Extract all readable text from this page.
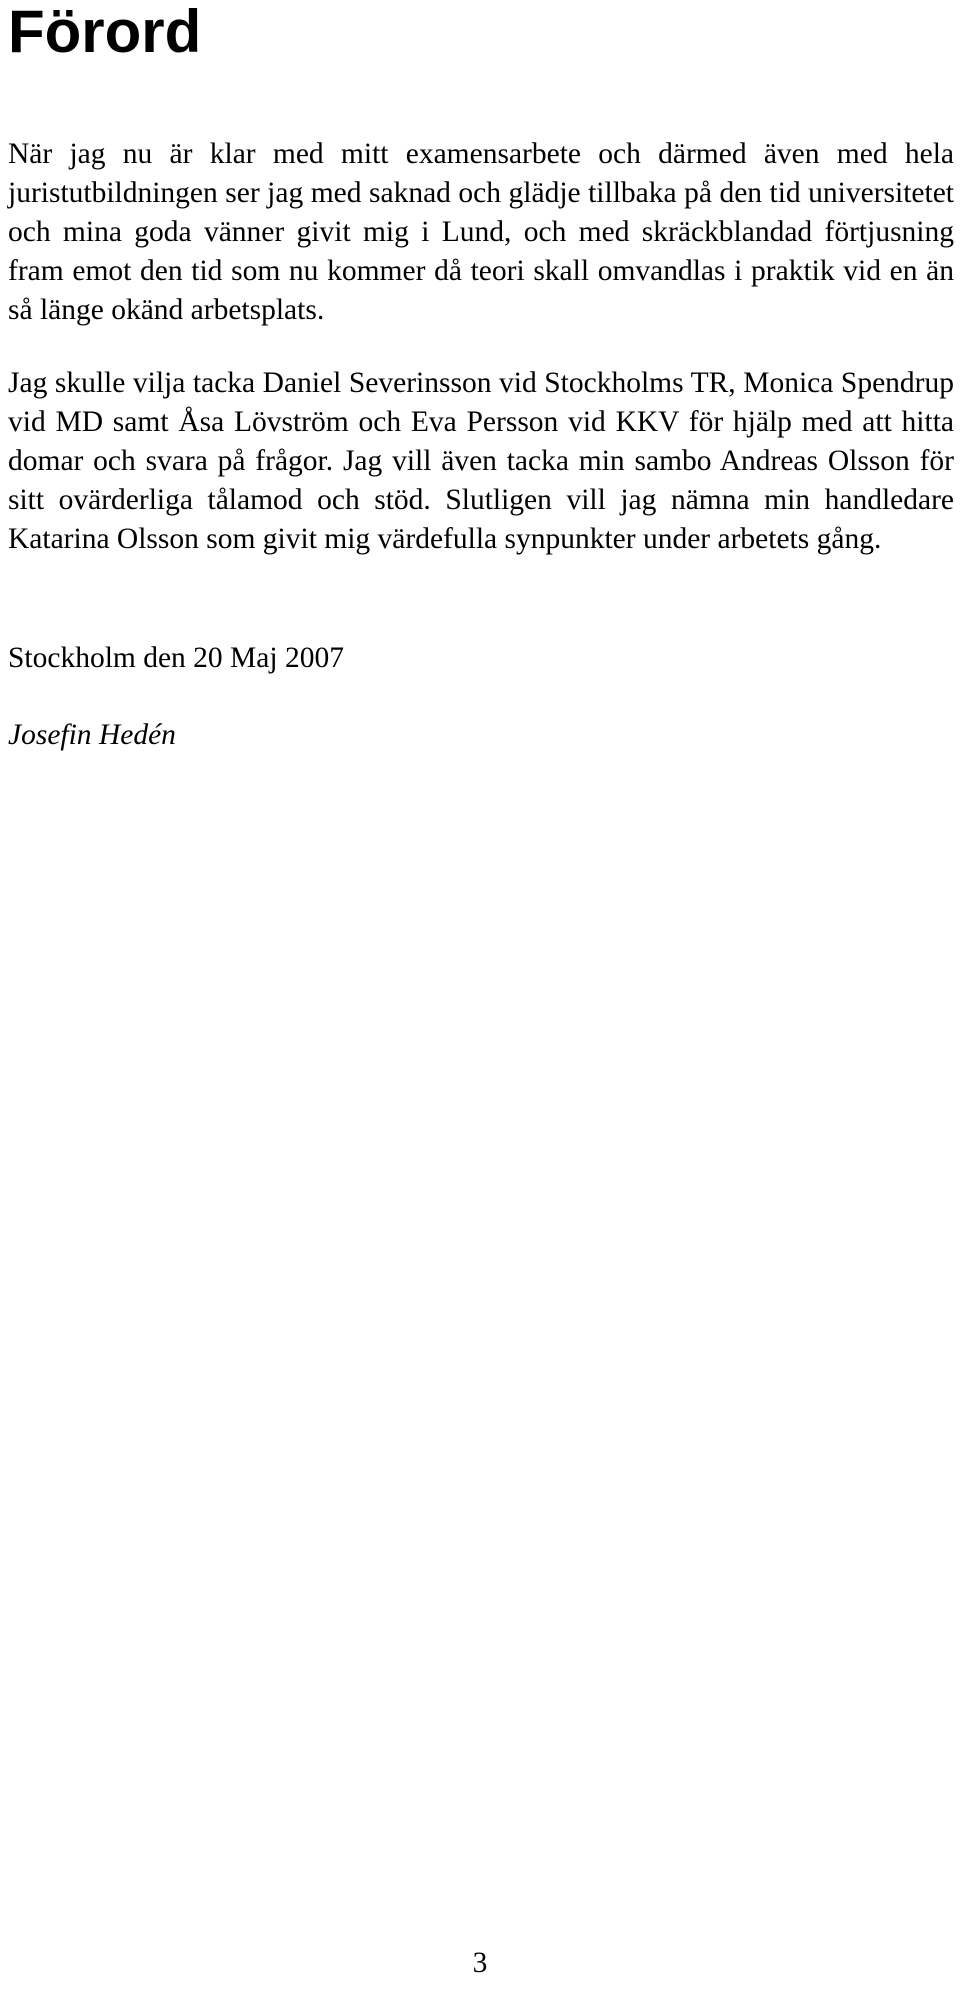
Förord

När jag nu är klar med mitt examensarbete och därmed även med hela juristutbildningen ser jag med saknad och glädje tillbaka på den tid universitetet och mina goda vänner givit mig i Lund, och med skräckblandad förtjusning fram emot den tid som nu kommer då teori skall omvandlas i praktik vid en än så länge okänd arbetsplats.

Jag skulle vilja tacka Daniel Severinsson vid Stockholms TR, Monica Spendrup vid MD samt Åsa Lövström och Eva Persson vid KKV för hjälp med att hitta domar och svara på frågor. Jag vill även tacka min sambo Andreas Olsson för sitt ovärderliga tålamod och stöd. Slutligen vill jag nämna min handledare Katarina Olsson som givit mig värdefulla synpunkter under arbetets gång.

Stockholm den 20 Maj 2007

Josefin Hedén

3
